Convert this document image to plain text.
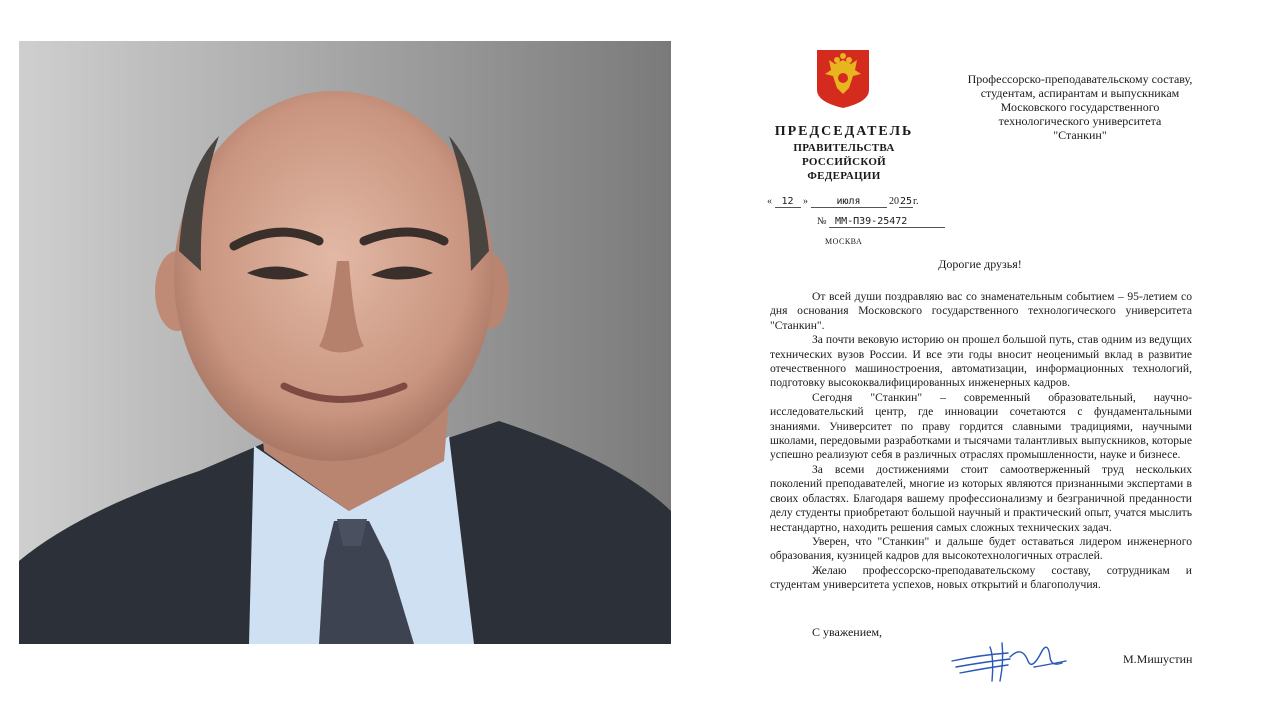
ПРЕДСЕДАТЕЛЬ
ПРАВИТЕЛЬСТВА
РОССИЙСКОЙ ФЕДЕРАЦИИ
Профессорско-преподавательскому составу,
студентам, аспирантам и выпускникам
Московского государственного
технологического университета
"Станкин"
« 12 »	июля	2025г.
№ ММ-П39-25472
МОСКВА
Дорогие друзья!

От всей души поздравляю вас со знаменательным событием – 95-летием со дня основания Московского государственного технологического университета "Станкин".

За почти вековую историю он прошел большой путь, став одним из ведущих технических вузов России. И все эти годы вносит неоценимый вклад в развитие отечественного машиностроения, автоматизации, информационных технологий, подготовку высококвалифицированных инженерных кадров.

Сегодня "Станкин" – современный образовательный, научно-исследовательский центр, где инновации сочетаются с фундаментальными знаниями. Университет по праву гордится славными традициями, научными школами, передовыми разработками и тысячами талантливых выпускников, которые успешно реализуют себя в различных отраслях промышленности, науке и бизнесе.

За всеми достижениями стоит самоотверженный труд нескольких поколений преподавателей, многие из которых являются признанными экспертами в своих областях. Благодаря вашему профессионализму и безграничной преданности делу студенты приобретают большой научный и практический опыт, учатся мыслить нестандартно, находить решения самых сложных технических задач.

Уверен, что "Станкин" и дальше будет оставаться лидером инженерного образования, кузницей кадров для высокотехнологичных отраслей.

Желаю профессорско-преподавательскому составу, сотрудникам и студентам университета успехов, новых открытий и благополучия.

С уважением,
М.Мишустин
